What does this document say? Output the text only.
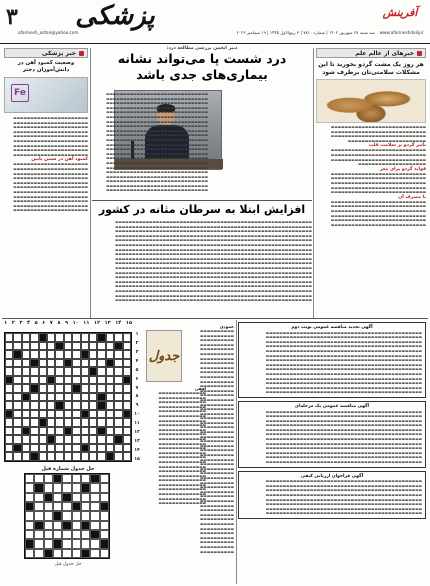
۳	پزشکی
afarinesh_ostan@yahoo.com	سه شنبه ۲۸ شهریور ۱۴۰۲ | شماره ۷۸۱۰ | ۳ ربیع‌الاول ۱۴۴۵ | ۱۹ سپتامبر ۲۰۲۳
آفرینش
www.afarineshdaily.ir
خبرهای از عالم علم
هر روز یک مشت گردو بخورید تا این مشکلات سلامتی‌تان برطرف شود
▬▬▬▬▬▬▬▬▬▬▬▬▬▬▬▬▬▬▬▬▬▬▬▬▬▬▬▬
▬▬▬▬▬▬▬▬▬▬▬▬▬▬▬▬▬▬▬▬▬▬▬▬▬▬▬▬
▬▬▬▬▬▬▬▬▬▬▬▬▬▬▬▬▬▬▬▬▬▬▬▬▬▬▬▬
▬▬▬▬▬▬▬▬▬▬▬▬▬▬▬▬▬▬▬▬▬▬▬
تأثیر گردو بر سلامت قلب
▬▬▬▬▬▬▬▬▬▬▬▬▬▬▬▬▬▬▬▬▬▬▬▬▬▬▬▬
▬▬▬▬▬▬▬▬▬▬▬▬▬▬▬▬▬▬▬▬▬▬▬▬▬▬▬▬
▬▬▬▬▬▬▬▬▬▬▬▬▬▬▬▬▬▬▬▬▬▬▬▬▬▬▬▬
▬▬▬▬▬▬▬▬▬▬▬▬▬▬▬▬▬▬▬▬
فواید گردو برای مغز
▬▬▬▬▬▬▬▬▬▬▬▬▬▬▬▬▬▬▬▬▬▬▬▬▬▬▬▬
▬▬▬▬▬▬▬▬▬▬▬▬▬▬▬▬▬▬▬▬▬▬▬▬▬▬▬▬
▬▬▬▬▬▬▬▬▬▬▬▬▬▬▬▬▬▬▬▬▬▬▬▬▬▬▬▬
▬▬▬▬▬▬▬▬▬▬▬▬▬▬▬▬▬▬▬▬▬▬▬▬▬▬▬▬
▬▬▬▬▬▬▬▬▬▬▬▬▬▬▬▬▬▬▬▬▬▬▬▬▬▬▬▬
با مصرف آن
▬▬▬▬▬▬▬▬▬▬▬▬▬▬▬▬▬▬▬▬▬▬▬▬▬▬▬▬
▬▬▬▬▬▬▬▬▬▬▬▬▬▬▬▬▬▬▬▬▬▬▬▬▬▬▬▬
▬▬▬▬▬▬▬▬▬▬▬▬▬▬▬▬▬▬▬▬▬▬▬▬▬▬▬▬
▬▬▬▬▬▬▬▬▬▬▬▬▬▬▬▬▬▬▬▬▬▬▬▬▬▬▬▬
▬▬▬▬▬▬▬▬▬▬▬▬▬▬▬▬▬▬▬▬▬▬▬▬▬▬▬▬
▬▬▬▬▬▬▬▬▬▬▬▬▬▬▬▬▬▬▬▬▬▬▬▬▬▬▬▬
خبر پزشکی
وضعیت کمبود آهن در دانش‌آموزان دختر
Fe
▬▬▬▬▬▬▬▬▬▬▬▬▬▬▬▬▬▬▬▬▬▬
▬▬▬▬▬▬▬▬▬▬▬▬▬▬▬▬▬▬▬▬▬▬
▬▬▬▬▬▬▬▬▬▬▬▬▬▬▬▬▬▬▬▬▬▬
▬▬▬▬▬▬▬▬▬▬▬▬▬▬▬▬▬▬▬▬▬▬
▬▬▬▬▬▬▬▬▬▬▬▬▬▬▬▬▬▬▬▬▬▬
▬▬▬▬▬▬▬▬▬▬▬▬▬▬▬▬▬▬▬▬▬▬
▬▬▬▬▬▬▬▬▬▬▬▬▬▬▬▬▬▬▬▬▬▬
▬▬▬▬▬▬▬▬▬▬▬▬▬▬▬▬▬▬▬▬▬▬
▬▬▬▬▬▬▬▬▬▬▬▬▬▬▬▬▬▬▬▬▬▬
کمبود آهن در سنین پایین
▬▬▬▬▬▬▬▬▬▬▬▬▬▬▬▬▬▬▬▬▬▬
▬▬▬▬▬▬▬▬▬▬▬▬▬▬▬▬▬▬▬▬▬▬
▬▬▬▬▬▬▬▬▬▬▬▬▬▬▬▬▬▬▬▬▬▬
▬▬▬▬▬▬▬▬▬▬▬▬▬▬▬▬▬▬▬▬▬▬
▬▬▬▬▬▬▬▬▬▬▬▬▬▬▬▬▬▬▬▬▬▬
▬▬▬▬▬▬▬▬▬▬▬▬▬▬▬▬▬▬▬▬▬▬
▬▬▬▬▬▬▬▬▬▬▬▬▬▬▬▬▬▬▬▬▬▬
▬▬▬▬▬▬▬▬▬▬▬▬▬▬▬▬▬▬▬▬▬▬
▬▬▬▬▬▬▬▬▬▬▬▬▬▬▬▬▬▬▬▬▬▬
▬▬▬▬▬▬▬▬▬▬▬▬▬▬▬▬▬▬▬▬▬▬
▬▬▬▬▬▬▬▬▬▬▬▬▬▬▬▬▬▬▬▬▬▬
دبیر انجمن بررسی مطالعه درد:
درد شست پا می‌تواند نشانه بیماری‌های جدی باشد
▬▬▬▬▬▬▬▬▬▬▬▬▬▬▬▬▬▬▬▬▬▬▬▬▬▬▬▬▬▬
▬▬▬▬▬▬▬▬▬▬▬▬▬▬▬▬▬▬▬▬▬▬▬▬▬▬▬▬▬▬
▬▬▬▬▬▬▬▬▬▬▬▬▬▬▬▬▬▬▬▬▬▬▬▬▬▬▬▬▬▬
▬▬▬▬▬▬▬▬▬▬▬▬▬▬▬▬▬▬▬▬▬▬▬▬▬▬▬▬▬▬
▬▬▬▬▬▬▬▬▬▬▬▬▬▬▬▬▬▬▬▬▬▬▬▬▬▬▬▬▬▬
▬▬▬▬▬▬▬▬▬▬▬▬▬▬▬▬▬▬▬▬▬▬▬▬▬▬▬▬▬▬
▬▬▬▬▬▬▬▬▬▬▬▬▬▬▬▬▬▬▬▬▬▬▬▬▬▬▬▬▬▬
▬▬▬▬▬▬▬▬▬▬▬▬▬▬▬▬▬▬▬▬▬▬▬▬▬▬▬▬▬▬
▬▬▬▬▬▬▬▬▬▬▬▬▬▬▬▬▬▬▬▬▬▬▬▬▬▬▬▬▬▬
▬▬▬▬▬▬▬▬▬▬▬▬▬▬▬▬▬▬▬▬▬▬▬▬▬▬▬▬▬▬
▬▬▬▬▬▬▬▬▬▬▬▬▬▬▬▬▬▬▬▬▬▬▬▬▬▬▬▬▬▬
▬▬▬▬▬▬▬▬▬▬▬▬▬▬▬▬▬▬▬▬▬▬▬▬▬▬▬▬▬▬
▬▬▬▬▬▬▬▬▬▬▬▬▬▬▬▬▬▬▬▬▬▬▬▬▬▬▬▬▬▬
▬▬▬▬▬▬▬▬▬▬▬▬▬▬▬▬▬▬▬▬▬▬▬▬▬▬▬▬▬▬
▬▬▬▬▬▬▬▬▬▬▬▬▬▬▬▬▬▬▬▬▬▬▬▬▬▬▬▬▬▬
▬▬▬▬▬▬▬▬▬▬▬▬▬▬▬▬▬▬▬▬▬▬▬▬▬▬▬▬▬▬
▬▬▬▬▬▬▬▬▬▬▬▬▬▬▬▬▬▬▬▬▬▬▬▬▬▬▬▬▬▬
▬▬▬▬▬▬▬▬▬▬▬▬▬▬▬▬▬▬▬▬▬▬▬▬▬▬▬▬▬▬
▬▬▬▬▬▬▬▬▬▬▬▬▬▬▬▬▬▬▬▬▬▬▬▬▬▬▬▬▬▬
▬▬▬▬▬▬▬▬▬▬▬▬▬▬▬▬▬▬▬▬▬▬▬▬▬▬▬▬▬▬
▬▬▬▬▬▬▬▬▬▬▬▬▬▬▬▬▬▬▬▬▬▬▬▬▬▬▬▬▬▬
▬▬▬▬▬▬▬▬▬▬▬▬▬▬▬▬▬▬▬▬▬▬▬▬▬▬▬▬▬▬
افزایش ابتلا به سرطان مثانه در کشور
▬▬▬▬▬▬▬▬▬▬▬▬▬▬▬▬▬▬▬▬▬▬▬▬▬▬▬▬▬▬▬▬▬▬▬▬▬▬▬▬▬▬▬▬▬▬▬▬▬▬▬▬▬▬▬▬▬▬
▬▬▬▬▬▬▬▬▬▬▬▬▬▬▬▬▬▬▬▬▬▬▬▬▬▬▬▬▬▬▬▬▬▬▬▬▬▬▬▬▬▬▬▬▬▬▬▬▬▬▬▬▬▬▬▬▬▬
▬▬▬▬▬▬▬▬▬▬▬▬▬▬▬▬▬▬▬▬▬▬▬▬▬▬▬▬▬▬▬▬▬▬▬▬▬▬▬▬▬▬▬▬▬▬▬▬▬▬▬▬▬▬▬▬▬▬
▬▬▬▬▬▬▬▬▬▬▬▬▬▬▬▬▬▬▬▬▬▬▬▬▬▬▬▬▬▬▬▬▬▬▬▬▬▬▬▬▬▬▬▬▬▬▬▬▬▬▬▬▬▬▬▬▬▬
▬▬▬▬▬▬▬▬▬▬▬▬▬▬▬▬▬▬▬▬▬▬▬▬▬▬▬▬▬▬▬▬▬▬▬▬▬▬▬▬▬▬▬▬▬▬▬▬▬▬▬▬▬▬▬▬▬▬
▬▬▬▬▬▬▬▬▬▬▬▬▬▬▬▬▬▬▬▬▬▬▬▬▬▬▬▬▬▬▬▬▬▬▬▬▬▬▬▬▬▬▬▬▬▬▬▬▬▬▬▬▬▬▬▬▬▬
▬▬▬▬▬▬▬▬▬▬▬▬▬▬▬▬▬▬▬▬▬▬▬▬▬▬▬▬▬▬▬▬▬▬▬▬▬▬▬▬▬▬▬▬▬▬▬▬▬▬▬▬▬▬▬▬▬▬
▬▬▬▬▬▬▬▬▬▬▬▬▬▬▬▬▬▬▬▬▬▬▬▬▬▬▬▬▬▬▬▬▬▬▬▬▬▬▬▬▬▬▬▬▬▬▬▬▬▬▬▬▬▬▬▬▬▬
▬▬▬▬▬▬▬▬▬▬▬▬▬▬▬▬▬▬▬▬▬▬▬▬▬▬▬▬▬▬▬▬▬▬▬▬▬▬▬▬▬▬▬▬▬▬▬▬▬▬▬▬▬▬▬▬▬▬
▬▬▬▬▬▬▬▬▬▬▬▬▬▬▬▬▬▬▬▬▬▬▬▬▬▬▬▬▬▬▬▬▬▬▬▬▬▬▬▬▬▬▬▬▬▬▬▬▬▬▬▬▬▬▬▬▬▬
▬▬▬▬▬▬▬▬▬▬▬▬▬▬▬▬▬▬▬▬▬▬▬▬▬▬▬▬▬▬▬▬▬▬▬▬▬▬▬▬▬▬▬▬▬▬▬▬▬▬▬▬▬▬▬▬▬▬
▬▬▬▬▬▬▬▬▬▬▬▬▬▬▬▬▬▬▬▬▬▬▬▬▬▬▬▬▬▬▬▬▬▬▬▬▬▬▬▬▬▬▬▬▬▬▬▬▬▬▬▬▬▬▬▬▬▬
▬▬▬▬▬▬▬▬▬▬▬▬▬▬▬▬▬▬▬▬▬▬▬▬▬▬▬▬▬▬▬▬▬▬▬▬▬▬▬▬▬▬▬▬▬▬▬▬▬▬▬▬▬▬▬▬▬▬
▬▬▬▬▬▬▬▬▬▬▬▬▬▬▬▬▬▬▬▬▬▬▬▬▬▬▬▬▬▬▬▬▬▬▬▬▬▬▬▬▬▬▬▬▬▬▬▬▬▬▬▬▬▬▬▬▬▬
▬▬▬▬▬▬▬▬▬▬▬▬▬▬▬▬▬▬▬▬▬▬▬▬▬▬▬▬▬▬▬▬▬▬▬▬▬▬▬▬▬▬▬▬▬▬▬▬▬▬▬▬▬▬▬▬▬▬
▬▬▬▬▬▬▬▬▬▬▬▬▬▬▬▬▬▬▬▬▬▬▬▬▬▬▬▬▬▬▬▬▬▬▬▬▬▬▬▬▬▬▬▬▬▬▬▬▬▬▬▬▬▬▬▬▬▬
▬▬▬▬▬▬▬▬▬▬▬▬▬▬▬▬▬▬▬▬▬▬▬▬▬▬▬▬▬▬▬▬▬▬▬▬▬▬▬▬▬▬▬▬▬▬▬▬▬▬▬▬▬▬▬▬▬▬
▬▬▬▬▬▬▬▬▬▬▬▬▬▬▬▬▬▬▬▬▬▬▬▬▬▬▬▬▬▬▬▬▬▬▬▬▬▬▬▬▬▬▬▬▬▬▬▬▬▬▬▬▬▬▬▬▬▬
۱۵
۱۴
۱۳
۱۲
۱۱
۱۰
۹
۸
۷
۶
۵
۴
۳
۲
۱
۱
۲
۳
۴
۵
۶
۷
۸
۹
۱۰
۱۱
۱۲
۱۳
۱۴
۱۵
جدول
افقی
▬▬▬▬▬▬▬▬▬▬▬▬▬▬
▬▬▬▬▬▬▬▬▬▬▬▬▬▬
▬▬▬▬▬▬▬▬▬▬▬▬▬▬
▬▬▬▬▬▬▬▬▬▬▬▬▬▬
▬▬▬▬▬▬▬▬▬▬▬▬▬▬
▬▬▬▬▬▬▬▬▬▬▬▬▬▬
▬▬▬▬▬▬▬▬▬▬▬▬▬▬
▬▬▬▬▬▬▬▬▬▬▬▬▬▬
▬▬▬▬▬▬▬▬▬▬▬▬▬▬
▬▬▬▬▬▬▬▬▬▬▬▬▬▬
▬▬▬▬▬▬▬▬▬▬▬▬▬▬
▬▬▬▬▬▬▬▬▬▬▬▬▬▬
▬▬▬▬▬▬▬▬▬▬▬▬▬▬
▬▬▬▬▬▬▬▬▬▬▬▬▬▬
▬▬▬▬▬▬▬▬▬▬▬▬▬▬
▬▬▬▬▬▬▬▬▬▬▬▬▬▬
▬▬▬▬▬▬▬▬▬▬▬▬▬▬
▬▬▬▬▬▬▬▬▬▬▬▬▬▬
▬▬▬▬▬▬▬▬▬▬▬▬▬▬
▬▬▬▬▬▬▬▬▬▬▬▬▬▬
▬▬▬▬▬▬▬▬▬▬▬▬▬▬
▬▬▬▬▬▬▬▬▬▬▬▬▬▬
▬▬▬▬▬▬▬▬▬▬▬▬▬▬
▬▬▬▬▬▬▬▬▬▬▬▬▬▬
▬▬▬▬▬▬▬▬▬▬▬▬▬▬
عمودی
▬▬▬▬▬▬▬▬▬▬
▬▬▬▬▬▬▬▬▬▬
▬▬▬▬▬▬▬▬▬▬
▬▬▬▬▬▬▬▬▬▬
▬▬▬▬▬▬▬▬▬▬
▬▬▬▬▬▬▬▬▬▬
▬▬▬▬▬▬▬▬▬▬
▬▬▬▬▬▬▬▬▬▬
▬▬▬▬▬▬▬▬▬▬
▬▬▬▬▬▬▬▬▬▬
▬▬▬▬▬▬▬▬▬▬
▬▬▬▬▬▬▬▬▬▬
▬▬▬▬▬▬▬▬▬▬
▬▬▬▬▬▬▬▬▬▬
▬▬▬▬▬▬▬▬▬▬
▬▬▬▬▬▬▬▬▬▬
▬▬▬▬▬▬▬▬▬▬
▬▬▬▬▬▬▬▬▬▬
▬▬▬▬▬▬▬▬▬▬
▬▬▬▬▬▬▬▬▬▬
▬▬▬▬▬▬▬▬▬▬
▬▬▬▬▬▬▬▬▬▬
▬▬▬▬▬▬▬▬▬▬
▬▬▬▬▬▬▬▬▬▬
▬▬▬▬▬▬▬▬▬▬
▬▬▬▬▬▬▬▬▬▬
▬▬▬▬▬▬▬▬▬▬
▬▬▬▬▬▬▬▬▬▬
▬▬▬▬▬▬▬▬▬▬
▬▬▬▬▬▬▬▬▬▬
▬▬▬▬▬▬▬▬▬▬
▬▬▬▬▬▬▬▬▬▬
▬▬▬▬▬▬▬▬▬▬
▬▬▬▬▬▬▬▬▬▬
▬▬▬▬▬▬▬▬▬▬
▬▬▬▬▬▬▬▬▬▬
▬▬▬▬▬▬▬▬▬▬
▬▬▬▬▬▬▬▬▬▬
▬▬▬▬▬▬▬▬▬▬
▬▬▬▬▬▬▬▬▬▬
▬▬▬▬▬▬▬▬▬▬
▬▬▬▬▬▬▬▬▬▬
▬▬▬▬▬▬▬▬▬▬
▬▬▬▬▬▬▬▬▬▬
▬▬▬▬▬▬▬▬▬▬
▬▬▬▬▬▬▬▬▬▬
▬▬▬▬▬▬▬▬▬▬
▬▬▬▬▬▬▬▬▬▬
▬▬▬▬▬▬▬▬▬▬
حل جدول شماره قبل
حل جدول قبل
آگهی تجدید مناقصه عمومی نوبت دوم
▬▬▬▬▬▬▬▬▬▬▬▬▬▬▬▬▬▬▬▬▬▬▬▬▬▬▬▬▬▬▬▬▬▬▬▬▬▬▬▬▬▬▬▬▬▬
▬▬▬▬▬▬▬▬▬▬▬▬▬▬▬▬▬▬▬▬▬▬▬▬▬▬▬▬▬▬▬▬▬▬▬▬▬▬▬▬▬▬▬▬▬▬
▬▬▬▬▬▬▬▬▬▬▬▬▬▬▬▬▬▬▬▬▬▬▬▬▬▬▬▬▬▬▬▬▬▬▬▬▬▬▬▬▬▬▬▬▬▬
▬▬▬▬▬▬▬▬▬▬▬▬▬▬▬▬▬▬▬▬▬▬▬▬▬▬▬▬▬▬▬▬▬▬▬▬▬▬▬▬▬▬▬▬▬▬
▬▬▬▬▬▬▬▬▬▬▬▬▬▬▬▬▬▬▬▬▬▬▬▬▬▬▬▬▬▬▬▬▬▬▬▬▬▬▬▬▬▬▬▬▬▬
▬▬▬▬▬▬▬▬▬▬▬▬▬▬▬▬▬▬▬▬▬▬▬▬▬▬▬▬▬▬▬▬▬▬▬▬▬▬▬▬▬▬▬▬▬▬
▬▬▬▬▬▬▬▬▬▬▬▬▬▬▬▬▬▬▬▬▬▬▬▬▬▬▬▬▬▬▬▬▬▬▬▬▬▬▬▬▬▬▬▬▬▬
▬▬▬▬▬▬▬▬▬▬▬▬▬▬▬▬▬▬▬▬▬▬▬▬▬▬▬▬▬▬▬▬▬▬▬▬▬▬▬▬▬▬▬▬▬▬
▬▬▬▬▬▬▬▬▬▬▬▬▬▬▬▬▬▬▬▬▬▬▬▬▬▬▬▬▬▬▬▬▬▬▬▬▬▬▬▬▬▬▬▬▬▬
▬▬▬▬▬▬▬▬▬▬▬▬▬▬▬▬▬▬▬▬▬▬▬▬▬▬▬▬▬▬▬▬▬▬▬▬▬▬▬▬▬▬▬▬▬▬
▬▬▬▬▬▬▬▬▬▬▬▬▬▬▬▬▬▬▬▬▬▬▬▬▬▬▬▬▬▬▬▬▬▬▬▬▬▬▬▬▬▬▬▬▬▬
▬▬▬▬▬▬▬▬▬▬▬▬▬▬▬▬▬▬▬▬▬▬▬▬▬▬▬▬▬▬▬▬▬▬▬▬▬▬▬▬▬▬▬▬▬▬
▬▬▬▬▬▬▬▬▬▬▬▬▬▬▬▬▬▬▬▬▬▬▬▬▬▬▬▬▬▬▬▬▬▬▬▬▬▬▬▬▬▬▬▬▬▬
▬▬▬▬▬▬▬▬▬▬▬▬▬▬▬▬▬▬▬▬▬▬▬▬▬▬▬▬▬▬▬▬▬▬▬▬▬▬▬▬▬▬▬▬▬▬
آگهی مناقصه عمومی یک مرحله‌ای
▬▬▬▬▬▬▬▬▬▬▬▬▬▬▬▬▬▬▬▬▬▬▬▬▬▬▬▬▬▬▬▬▬▬▬▬▬▬▬▬▬▬▬▬▬▬
▬▬▬▬▬▬▬▬▬▬▬▬▬▬▬▬▬▬▬▬▬▬▬▬▬▬▬▬▬▬▬▬▬▬▬▬▬▬▬▬▬▬▬▬▬▬
▬▬▬▬▬▬▬▬▬▬▬▬▬▬▬▬▬▬▬▬▬▬▬▬▬▬▬▬▬▬▬▬▬▬▬▬▬▬▬▬▬▬▬▬▬▬
▬▬▬▬▬▬▬▬▬▬▬▬▬▬▬▬▬▬▬▬▬▬▬▬▬▬▬▬▬▬▬▬▬▬▬▬▬▬▬▬▬▬▬▬▬▬
▬▬▬▬▬▬▬▬▬▬▬▬▬▬▬▬▬▬▬▬▬▬▬▬▬▬▬▬▬▬▬▬▬▬▬▬▬▬▬▬▬▬▬▬▬▬
▬▬▬▬▬▬▬▬▬▬▬▬▬▬▬▬▬▬▬▬▬▬▬▬▬▬▬▬▬▬▬▬▬▬▬▬▬▬▬▬▬▬▬▬▬▬
▬▬▬▬▬▬▬▬▬▬▬▬▬▬▬▬▬▬▬▬▬▬▬▬▬▬▬▬▬▬▬▬▬▬▬▬▬▬▬▬▬▬▬▬▬▬
▬▬▬▬▬▬▬▬▬▬▬▬▬▬▬▬▬▬▬▬▬▬▬▬▬▬▬▬▬▬▬▬▬▬▬▬▬▬▬▬▬▬▬▬▬▬
▬▬▬▬▬▬▬▬▬▬▬▬▬▬▬▬▬▬▬▬▬▬▬▬▬▬▬▬▬▬▬▬▬▬▬▬▬▬▬▬▬▬▬▬▬▬
▬▬▬▬▬▬▬▬▬▬▬▬▬▬▬▬▬▬▬▬▬▬▬▬▬▬▬▬▬▬▬▬▬▬▬▬▬▬▬▬▬▬▬▬▬▬
▬▬▬▬▬▬▬▬▬▬▬▬▬▬▬▬▬▬▬▬▬▬▬▬▬▬▬▬▬▬▬▬▬▬▬▬▬▬▬▬▬▬▬▬▬▬
▬▬▬▬▬▬▬▬▬▬▬▬▬▬▬▬▬▬▬▬▬▬▬▬▬▬▬▬▬▬▬▬▬▬▬▬▬▬▬▬▬▬▬▬▬▬
آگهی فراخوان ارزیابی کیفی
▬▬▬▬▬▬▬▬▬▬▬▬▬▬▬▬▬▬▬▬▬▬▬▬▬▬▬▬▬▬▬▬▬▬▬▬▬▬▬▬▬▬▬▬▬▬
▬▬▬▬▬▬▬▬▬▬▬▬▬▬▬▬▬▬▬▬▬▬▬▬▬▬▬▬▬▬▬▬▬▬▬▬▬▬▬▬▬▬▬▬▬▬
▬▬▬▬▬▬▬▬▬▬▬▬▬▬▬▬▬▬▬▬▬▬▬▬▬▬▬▬▬▬▬▬▬▬▬▬▬▬▬▬▬▬▬▬▬▬
▬▬▬▬▬▬▬▬▬▬▬▬▬▬▬▬▬▬▬▬▬▬▬▬▬▬▬▬▬▬▬▬▬▬▬▬▬▬▬▬▬▬▬▬▬▬
▬▬▬▬▬▬▬▬▬▬▬▬▬▬▬▬▬▬▬▬▬▬▬▬▬▬▬▬▬▬▬▬▬▬▬▬▬▬▬▬▬▬▬▬▬▬
▬▬▬▬▬▬▬▬▬▬▬▬▬▬▬▬▬▬▬▬▬▬▬▬▬▬▬▬▬▬▬▬▬▬▬▬▬▬▬▬▬▬▬▬▬▬
▬▬▬▬▬▬▬▬▬▬▬▬▬▬▬▬▬▬▬▬▬▬▬▬▬▬▬▬▬▬▬▬▬▬▬▬▬▬▬▬▬▬▬▬▬▬
▬▬▬▬▬▬▬▬▬▬▬▬▬▬▬▬▬▬▬▬▬▬▬▬▬▬▬▬▬▬▬▬▬▬▬▬▬▬▬▬▬▬▬▬▬▬
